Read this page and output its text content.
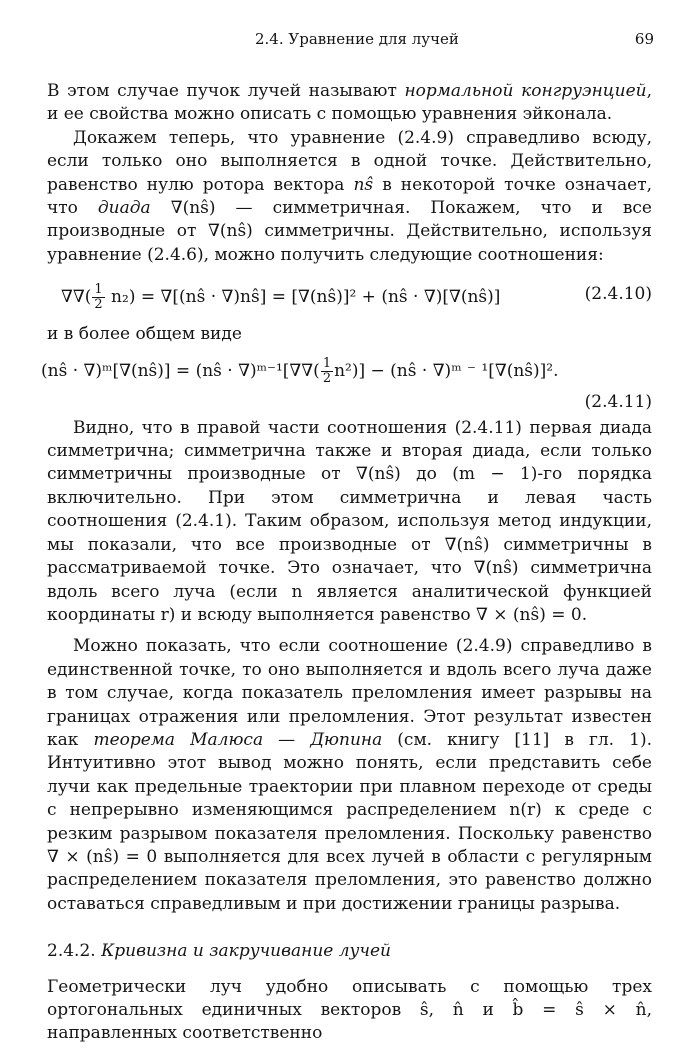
2.4. Уравнение для лучей	69

В этом случае пучок лучей называют нормальной конгруэнцией, и ее свойства можно описать с помощью уравнения эйконала.

Докажем теперь, что уравнение (2.4.9) справедливо всюду, если только оно выполняется в одной точке. Действительно, равенство нулю ротора вектора nŝ в некоторой точке означает, что диада ∇(nŝ) — симметричная. Покажем, что и все производные от ∇(nŝ) симметричны. Действительно, используя уравнение (2.4.6), можно получить следующие соотношения:

∇∇( $\frac{1}{2} n_2$) = ∇[(nŝ · ∇)nŝ] = [∇(nŝ)]² + (nŝ · ∇)[∇(nŝ)]	(2.4.10)

и в более общем виде

(nŝ · ∇)ᵐ[∇(nŝ)] = (nŝ · ∇)ᵐ⁻¹[∇∇( $\frac{1}{2} n^2$)] − (nŝ · ∇)ᵐ ⁻ ¹[∇(nŝ)]².
(2.4.11)

Видно, что в правой части соотношения (2.4.11) первая диада симметрична; симметрична также и вторая диада, если только симметричны производные от ∇(nŝ) до (m − 1)-го порядка включительно. При этом симметрична и левая часть соотношения (2.4.1). Таким образом, используя метод индукции, мы показали, что все производные от ∇(nŝ) симметричны в рассматриваемой точке. Это означает, что ∇(nŝ) симметрична вдоль всего луча (если n является аналитической функцией координаты r) и всюду выполняется равенство ∇ × (nŝ) = 0.

Можно показать, что если соотношение (2.4.9) справедливо в единственной точке, то оно выполняется и вдоль всего луча даже в том случае, когда показатель преломления имеет разрывы на границах отражения или преломления. Этот результат известен как теорема Малюса — Дюпина (см. книгу [11] в гл. 1). Интуитивно этот вывод можно понять, если представить себе лучи как предельные траектории при плавном переходе от среды с непрерывно изменяющимся распределением n(r) к среде с резким разрывом показателя преломления. Поскольку равенство ∇ × (nŝ) = 0 выполняется для всех лучей в области с регулярным распределением показателя преломления, это равенство должно оставаться справедливым и при достижении границы разрыва.

2.4.2. Кривизна и закручивание лучей

Геометрически луч удобно описывать с помощью трех ортогональных единичных векторов ŝ, n̂ и b̂ = ŝ × n̂, направленных соответственно
